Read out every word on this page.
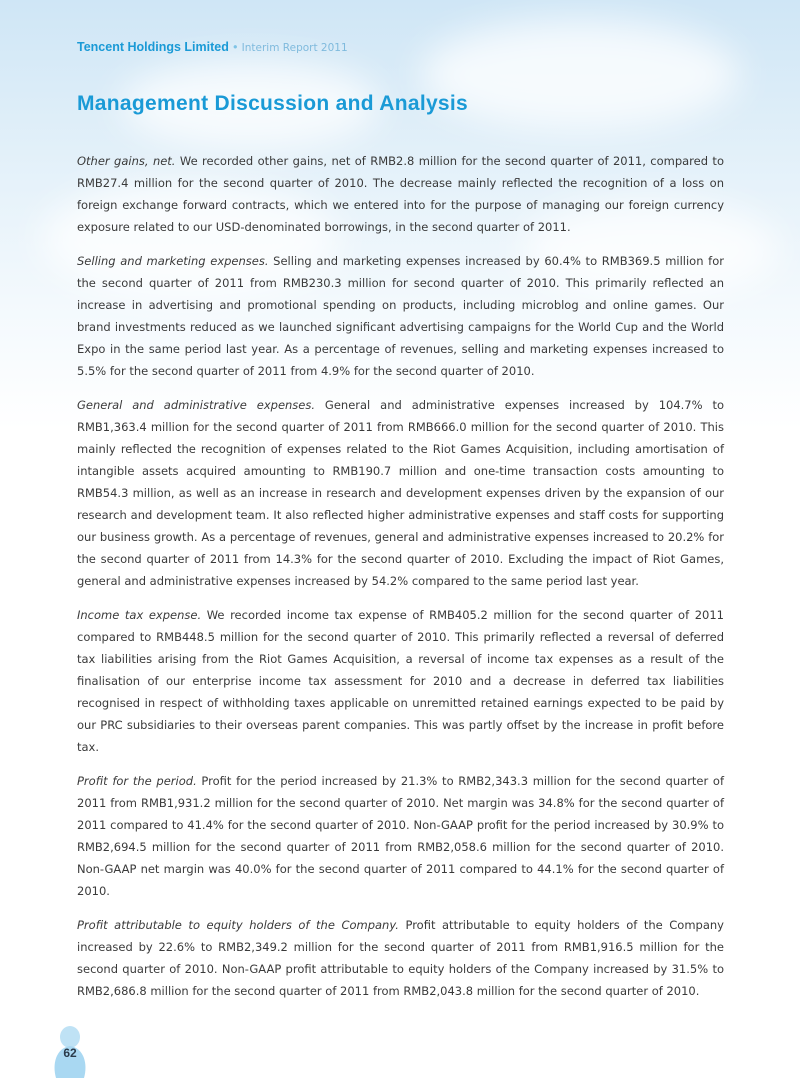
Tencent Holdings Limited • Interim Report 2011
Management Discussion and Analysis

Other gains, net. We recorded other gains, net of RMB2.8 million for the second quarter of 2011, compared to RMB27.4 million for the second quarter of 2010. The decrease mainly reflected the recognition of a loss on foreign exchange forward contracts, which we entered into for the purpose of managing our foreign currency exposure related to our USD-denominated borrowings, in the second quarter of 2011.

Selling and marketing expenses. Selling and marketing expenses increased by 60.4% to RMB369.5 million for the second quarter of 2011 from RMB230.3 million for second quarter of 2010. This primarily reflected an increase in advertising and promotional spending on products, including microblog and online games. Our brand investments reduced as we launched significant advertising campaigns for the World Cup and the World Expo in the same period last year. As a percentage of revenues, selling and marketing expenses increased to 5.5% for the second quarter of 2011 from 4.9% for the second quarter of 2010.

General and administrative expenses. General and administrative expenses increased by 104.7% to RMB1,363.4 million for the second quarter of 2011 from RMB666.0 million for the second quarter of 2010. This mainly reflected the recognition of expenses related to the Riot Games Acquisition, including amortisation of intangible assets acquired amounting to RMB190.7 million and one-time transaction costs amounting to RMB54.3 million, as well as an increase in research and development expenses driven by the expansion of our research and development team. It also reflected higher administrative expenses and staff costs for supporting our business growth. As a percentage of revenues, general and administrative expenses increased to 20.2% for the second quarter of 2011 from 14.3% for the second quarter of 2010. Excluding the impact of Riot Games, general and administrative expenses increased by 54.2% compared to the same period last year.

Income tax expense. We recorded income tax expense of RMB405.2 million for the second quarter of 2011 compared to RMB448.5 million for the second quarter of 2010. This primarily reflected a reversal of deferred tax liabilities arising from the Riot Games Acquisition, a reversal of income tax expenses as a result of the finalisation of our enterprise income tax assessment for 2010 and a decrease in deferred tax liabilities recognised in respect of withholding taxes applicable on unremitted retained earnings expected to be paid by our PRC subsidiaries to their overseas parent companies. This was partly offset by the increase in profit before tax.

Profit for the period. Profit for the period increased by 21.3% to RMB2,343.3 million for the second quarter of 2011 from RMB1,931.2 million for the second quarter of 2010. Net margin was 34.8% for the second quarter of 2011 compared to 41.4% for the second quarter of 2010. Non-GAAP profit for the period increased by 30.9% to RMB2,694.5 million for the second quarter of 2011 from RMB2,058.6 million for the second quarter of 2010. Non-GAAP net margin was 40.0% for the second quarter of 2011 compared to 44.1% for the second quarter of 2010.

Profit attributable to equity holders of the Company. Profit attributable to equity holders of the Company increased by 22.6% to RMB2,349.2 million for the second quarter of 2011 from RMB1,916.5 million for the second quarter of 2010. Non-GAAP profit attributable to equity holders of the Company increased by 31.5% to RMB2,686.8 million for the second quarter of 2011 from RMB2,043.8 million for the second quarter of 2010.

62
